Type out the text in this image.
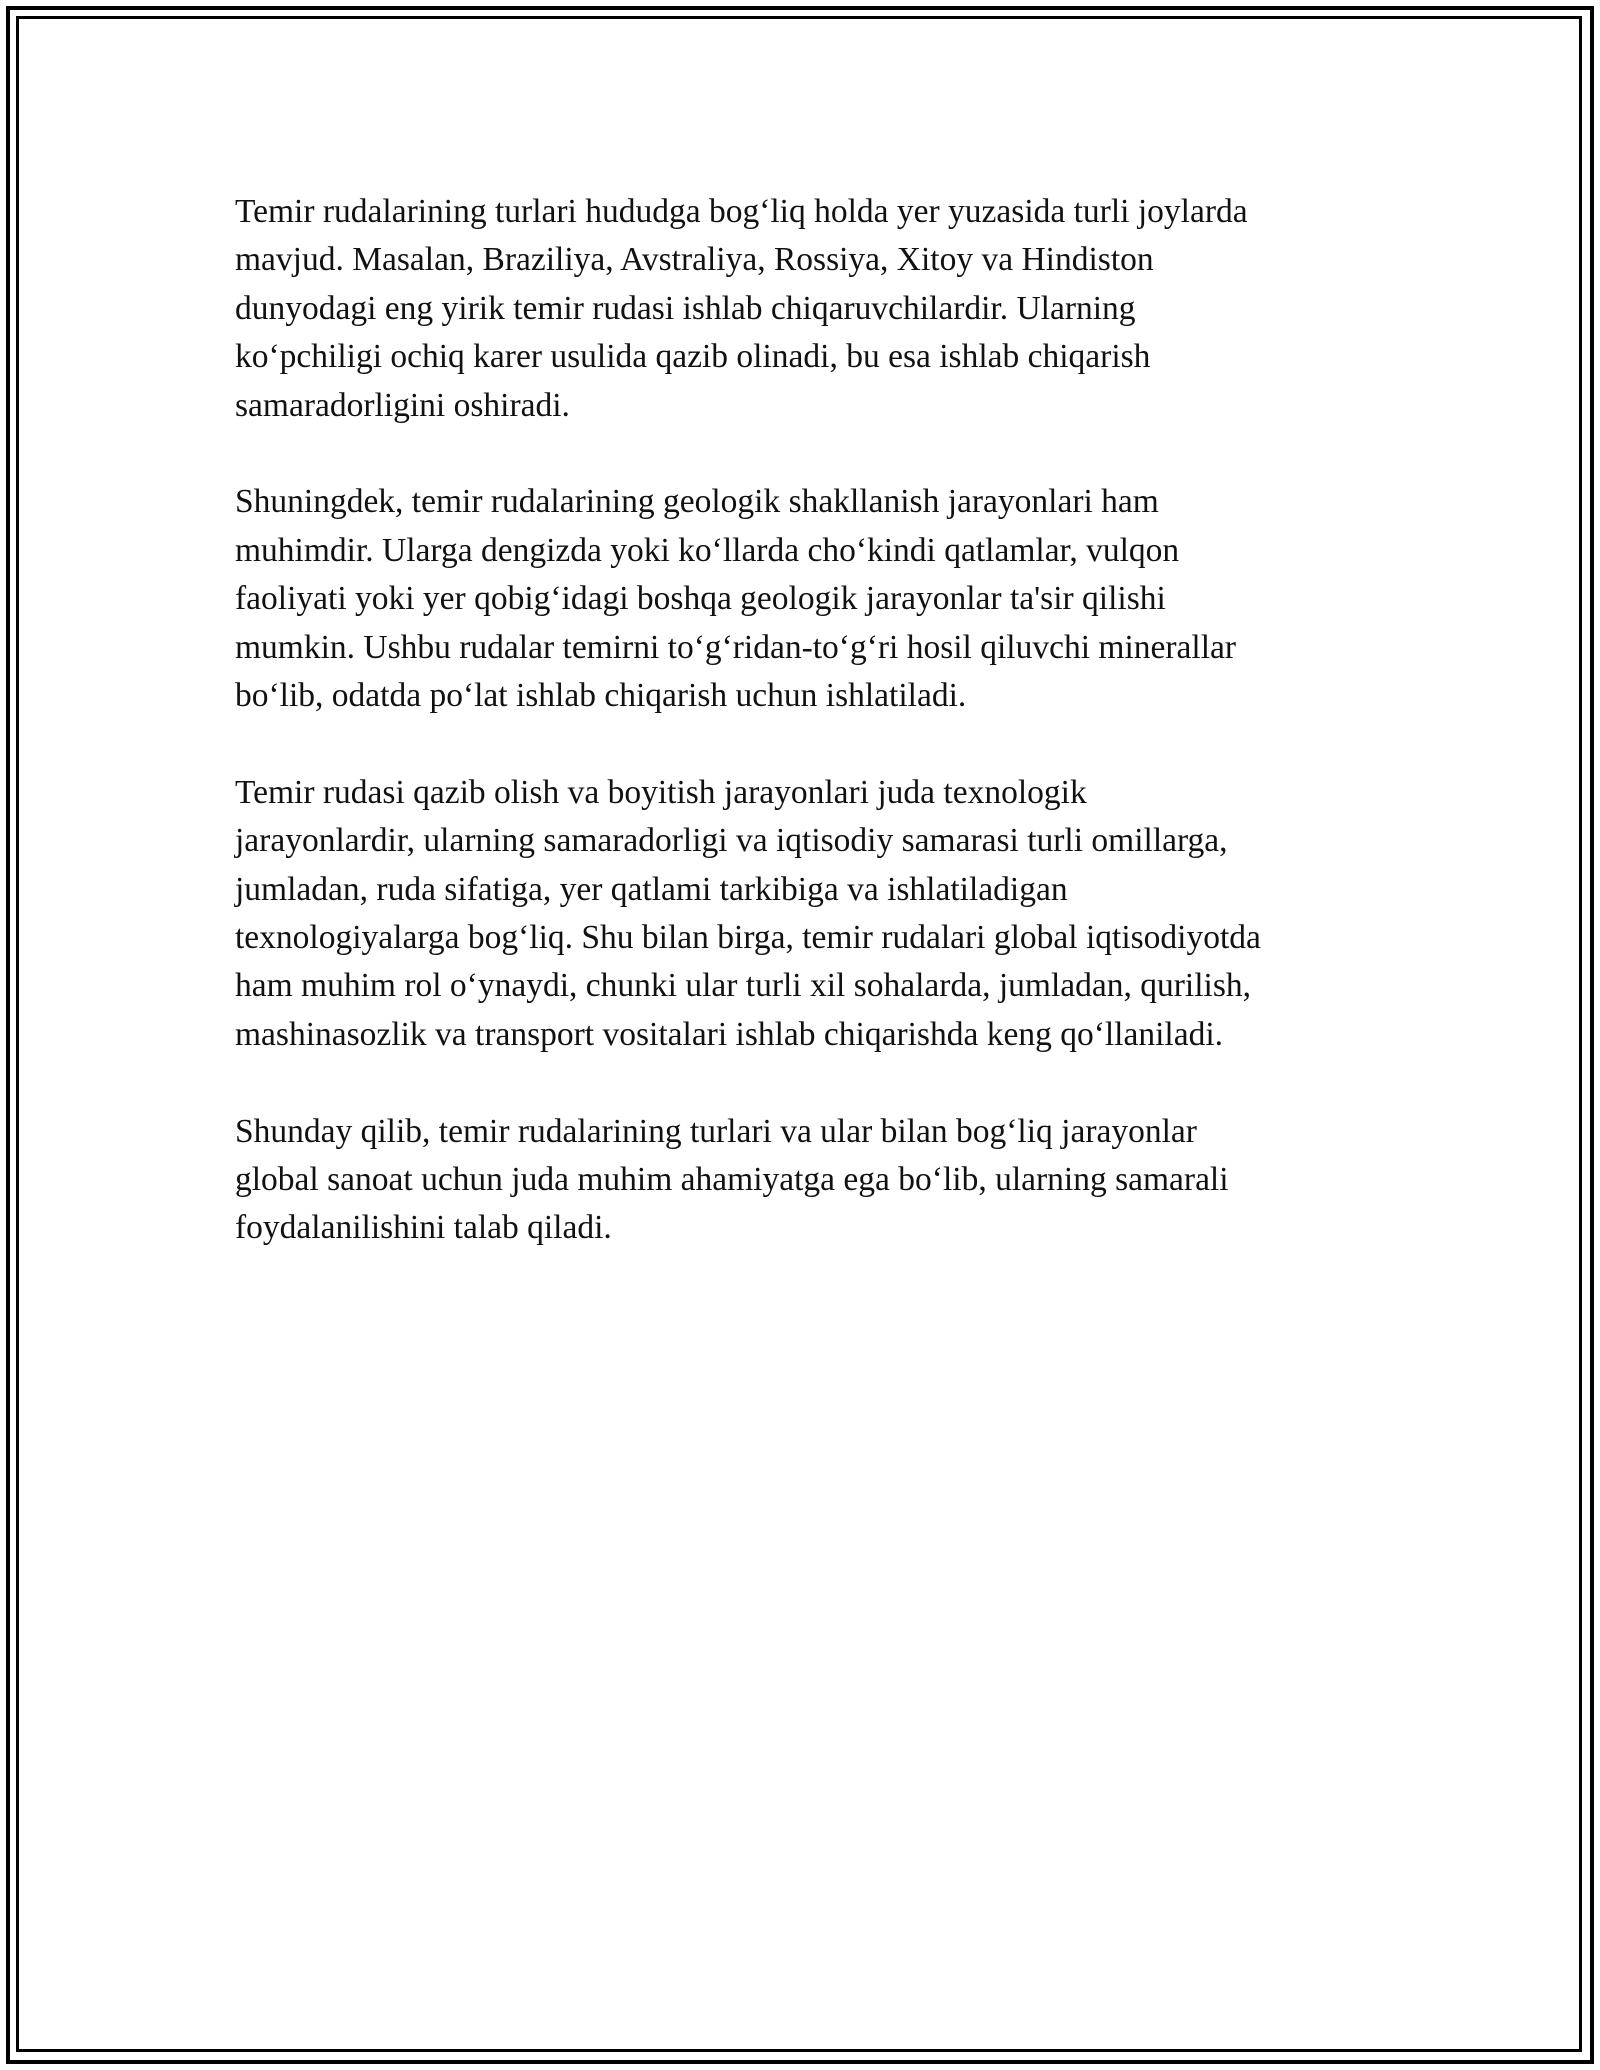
Temir rudalarining turlari hududga bog‘liq holda yer yuzasida turli joylarda
mavjud. Masalan, Braziliya, Avstraliya, Rossiya, Xitoy va Hindiston
dunyodagi eng yirik temir rudasi ishlab chiqaruvchilardir. Ularning
ko‘pchiligi ochiq karer usulida qazib olinadi, bu esa ishlab chiqarish
samaradorligini oshiradi.

Shuningdek, temir rudalarining geologik shakllanish jarayonlari ham
muhimdir. Ularga dengizda yoki ko‘llarda cho‘kindi qatlamlar, vulqon
faoliyati yoki yer qobig‘idagi boshqa geologik jarayonlar ta'sir qilishi
mumkin. Ushbu rudalar temirni to‘g‘ridan-to‘g‘ri hosil qiluvchi minerallar
bo‘lib, odatda po‘lat ishlab chiqarish uchun ishlatiladi.

Temir rudasi qazib olish va boyitish jarayonlari juda texnologik
jarayonlardir, ularning samaradorligi va iqtisodiy samarasi turli omillarga,
jumladan, ruda sifatiga, yer qatlami tarkibiga va ishlatiladigan
texnologiyalarga bog‘liq. Shu bilan birga, temir rudalari global iqtisodiyotda
ham muhim rol o‘ynaydi, chunki ular turli xil sohalarda, jumladan, qurilish,
mashinasozlik va transport vositalari ishlab chiqarishda keng qo‘llaniladi.

Shunday qilib, temir rudalarining turlari va ular bilan bog‘liq jarayonlar
global sanoat uchun juda muhim ahamiyatga ega bo‘lib, ularning samarali
foydalanilishini talab qiladi.
